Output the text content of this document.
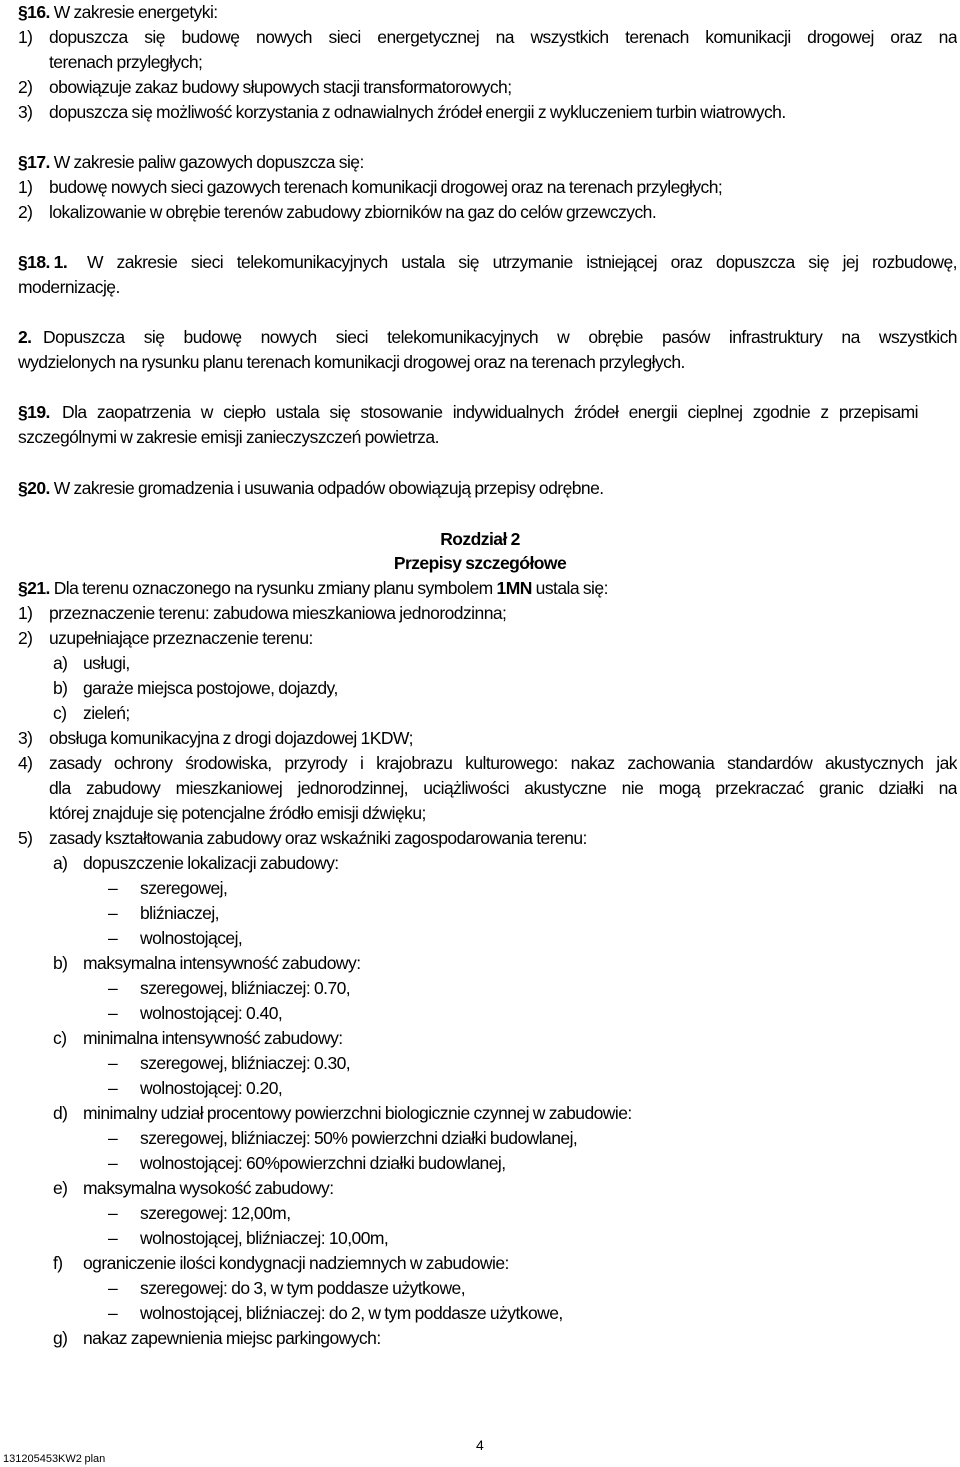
§16. W zakresie energetyki:
1) dopuszcza się budowę nowych sieci energetycznej na wszystkich terenach komunikacji drogowej oraz na
terenach przyległych;
2) obowiązuje zakaz budowy słupowych stacji transformatorowych;
3) dopuszcza się możliwość korzystania z odnawialnych źródeł energii z wykluczeniem turbin wiatrowych.
§17. W zakresie paliw gazowych dopuszcza się:
1) budowę nowych sieci gazowych terenach komunikacji drogowej oraz na terenach przyległych;
2) lokalizowanie w obrębie terenów zabudowy zbiorników na gaz do celów grzewczych.
§18. 1. W zakresie sieci telekomunikacyjnych ustala się utrzymanie istniejącej oraz dopuszcza się jej rozbudowę,
modernizację.
2. Dopuszcza się budowę nowych sieci telekomunikacyjnych w obrębie pasów infrastruktury na wszystkich
wydzielonych na rysunku planu terenach komunikacji drogowej oraz na terenach przyległych.
§19. Dla zaopatrzenia w ciepło ustala się stosowanie indywidualnych źródeł energii cieplnej zgodnie z przepisami
szczególnymi w zakresie emisji zanieczyszczeń powietrza.
§20. W zakresie gromadzenia i usuwania odpadów obowiązują przepisy odrębne.
Rozdział 2
Przepisy szczegółowe
§21. Dla terenu oznaczonego na rysunku zmiany planu symbolem 1MN ustala się:
1) przeznaczenie terenu: zabudowa mieszkaniowa jednorodzinna;
2) uzupełniające przeznaczenie terenu:
a) usługi,
b) garaże miejsca postojowe, dojazdy,
c) zieleń;
3) obsługa komunikacyjna z drogi dojazdowej 1KDW;
4) zasady ochrony środowiska, przyrody i krajobrazu kulturowego: nakaz zachowania standardów akustycznych jak
dla zabudowy mieszkaniowej jednorodzinnej, uciążliwości akustyczne nie mogą przekraczać granic działki na
której znajduje się potencjalne źródło emisji dźwięku;
5) zasady kształtowania zabudowy oraz wskaźniki zagospodarowania terenu:
a) dopuszczenie lokalizacji zabudowy:
– szeregowej,
– bliźniaczej,
– wolnostojącej,
b) maksymalna intensywność zabudowy:
– szeregowej, bliźniaczej: 0.70,
– wolnostojącej: 0.40,
c) minimalna intensywność zabudowy:
– szeregowej, bliźniaczej: 0.30,
– wolnostojącej: 0.20,
d) minimalny udział procentowy powierzchni biologicznie czynnej w zabudowie:
– szeregowej, bliźniaczej: 50% powierzchni działki budowlanej,
– wolnostojącej: 60%powierzchni działki budowlanej,
e) maksymalna wysokość zabudowy:
– szeregowej: 12,00m,
– wolnostojącej, bliźniaczej: 10,00m,
f) ograniczenie ilości kondygnacji nadziemnych w zabudowie:
– szeregowej: do 3, w tym poddasze użytkowe,
– wolnostojącej, bliźniaczej: do 2, w tym poddasze użytkowe,
g) nakaz zapewnienia miejsc parkingowych:
4
131205453KW2 plan
